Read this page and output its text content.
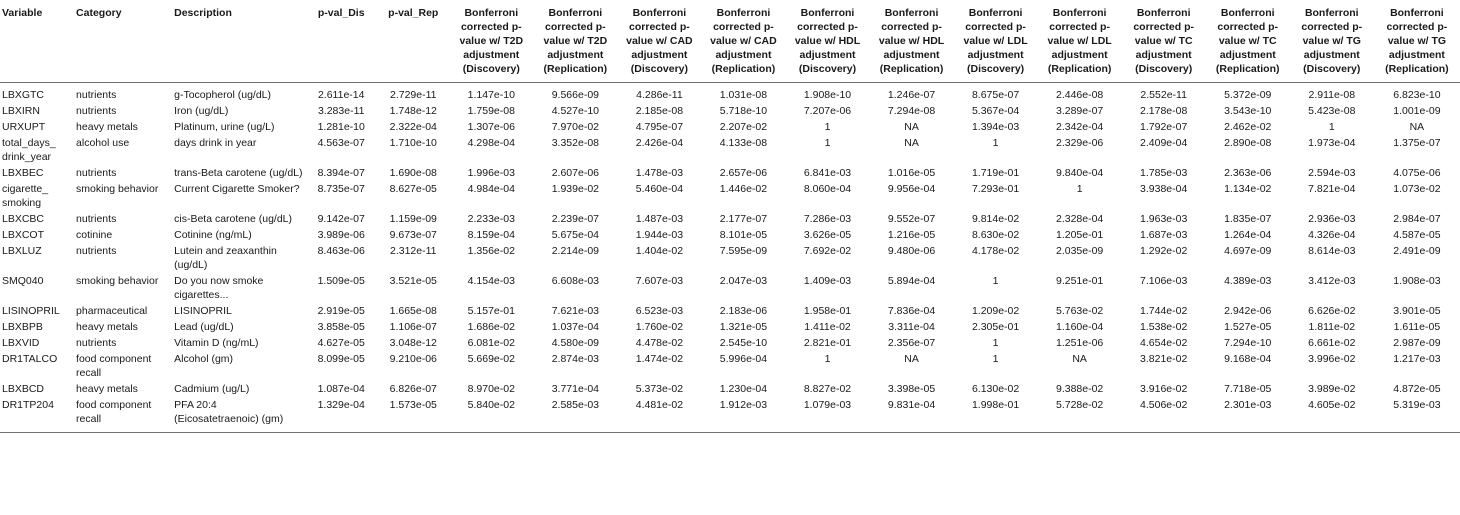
Variable	Category	Description	p-val_Dis	p-val_Rep	Bonferroni corrected p-value w/ T2D adjustment (Discovery)	Bonferroni corrected p-value w/ T2D adjustment (Replication)	Bonferroni corrected p-value w/ CAD adjustment (Discovery)	Bonferroni corrected p-value w/ CAD adjustment (Replication)	Bonferroni corrected p-value w/ HDL adjustment (Discovery)	Bonferroni corrected p-value w/ HDL adjustment (Replication)	Bonferroni corrected p-value w/ LDL adjustment (Discovery)	Bonferroni corrected p-value w/ LDL adjustment (Replication)	Bonferroni corrected p-value w/ TC adjustment (Discovery)	Bonferroni corrected p-value w/ TC adjustment (Replication)	Bonferroni corrected p-value w/ TG adjustment (Discovery)	Bonferroni corrected p-value w/ TG adjustment (Replication)
LBXGTC	nutrients	g-Tocopherol (ug/dL)	2.611e-14	2.729e-11	1.147e-10	9.566e-09	4.286e-11	1.031e-08	1.908e-10	1.246e-07	8.675e-07	2.446e-08	2.552e-11	5.372e-09	2.911e-08	6.823e-10
LBXIRN	nutrients	Iron (ug/dL)	3.283e-11	1.748e-12	1.759e-08	4.527e-10	2.185e-08	5.718e-10	7.207e-06	7.294e-08	5.367e-04	3.289e-07	2.178e-08	3.543e-10	5.423e-08	1.001e-09
URXUPT	heavy metals	Platinum, urine (ug/L)	1.281e-10	2.322e-04	1.307e-06	7.970e-02	4.795e-07	2.207e-02	1	NA	1.394e-03	2.342e-04	1.792e-07	2.462e-02	1	NA
total_days_ drink_year	alcohol use	days drink in year	4.563e-07	1.710e-10	4.298e-04	3.352e-08	2.426e-04	4.133e-08	1	NA	1	2.329e-06	2.409e-04	2.890e-08	1.973e-04	1.375e-07
LBXBEC	nutrients	trans-Beta carotene (ug/dL)	8.394e-07	1.690e-08	1.996e-03	2.607e-06	1.478e-03	2.657e-06	6.841e-03	1.016e-05	1.719e-01	9.840e-04	1.785e-03	2.363e-06	2.594e-03	4.075e-06
cigarette_ smoking	smoking behavior	Current Cigarette Smoker?	8.735e-07	8.627e-05	4.984e-04	1.939e-02	5.460e-04	1.446e-02	8.060e-04	9.956e-04	7.293e-01	1	3.938e-04	1.134e-02	7.821e-04	1.073e-02
LBXCBC	nutrients	cis-Beta carotene (ug/dL)	9.142e-07	1.159e-09	2.233e-03	2.239e-07	1.487e-03	2.177e-07	7.286e-03	9.552e-07	9.814e-02	2.328e-04	1.963e-03	1.835e-07	2.936e-03	2.984e-07
LBXCOT	cotinine	Cotinine (ng/mL)	3.989e-06	9.673e-07	8.159e-04	5.675e-04	1.944e-03	8.101e-05	3.626e-05	1.216e-05	8.630e-02	1.205e-01	1.687e-03	1.264e-04	4.326e-04	4.587e-05
LBXLUZ	nutrients	Lutein and zeaxanthin (ug/dL)	8.463e-06	2.312e-11	1.356e-02	2.214e-09	1.404e-02	7.595e-09	7.692e-02	9.480e-06	4.178e-02	2.035e-09	1.292e-02	4.697e-09	8.614e-03	2.491e-09
SMQ040	smoking behavior	Do you now smoke cigarettes...	1.509e-05	3.521e-05	4.154e-03	6.608e-03	7.607e-03	2.047e-03	1.409e-03	5.894e-04	1	9.251e-01	7.106e-03	4.389e-03	3.412e-03	1.908e-03
LISINOPRIL	pharmaceutical	LISINOPRIL	2.919e-05	1.665e-08	5.157e-01	7.621e-03	6.523e-03	2.183e-06	1.958e-01	7.836e-04	1.209e-02	5.763e-02	1.744e-02	2.942e-06	6.626e-02	3.901e-05
LBXBPB	heavy metals	Lead (ug/dL)	3.858e-05	1.106e-07	1.686e-02	1.037e-04	1.760e-02	1.321e-05	1.411e-02	3.311e-04	2.305e-01	1.160e-04	1.538e-02	1.527e-05	1.811e-02	1.611e-05
LBXVID	nutrients	Vitamin D (ng/mL)	4.627e-05	3.048e-12	6.081e-02	4.580e-09	4.478e-02	2.545e-10	2.821e-01	2.356e-07	1	1.251e-06	4.654e-02	7.294e-10	6.661e-02	2.987e-09
DR1TALCO	food component recall	Alcohol (gm)	8.099e-05	9.210e-06	5.669e-02	2.874e-03	1.474e-02	5.996e-04	1	NA	1	NA	3.821e-02	9.168e-04	3.996e-02	1.217e-03
LBXBCD	heavy metals	Cadmium (ug/L)	1.087e-04	6.826e-07	8.970e-02	3.771e-04	5.373e-02	1.230e-04	8.827e-02	3.398e-05	6.130e-02	9.388e-02	3.916e-02	7.718e-05	3.989e-02	4.872e-05
DR1TP204	food component recall	PFA 20:4 (Eicosatetraenoic) (gm)	1.329e-04	1.573e-05	5.840e-02	2.585e-03	4.481e-02	1.912e-03	1.079e-03	9.831e-04	1.998e-01	5.728e-02	4.506e-02	2.301e-03	4.605e-02	5.319e-03
